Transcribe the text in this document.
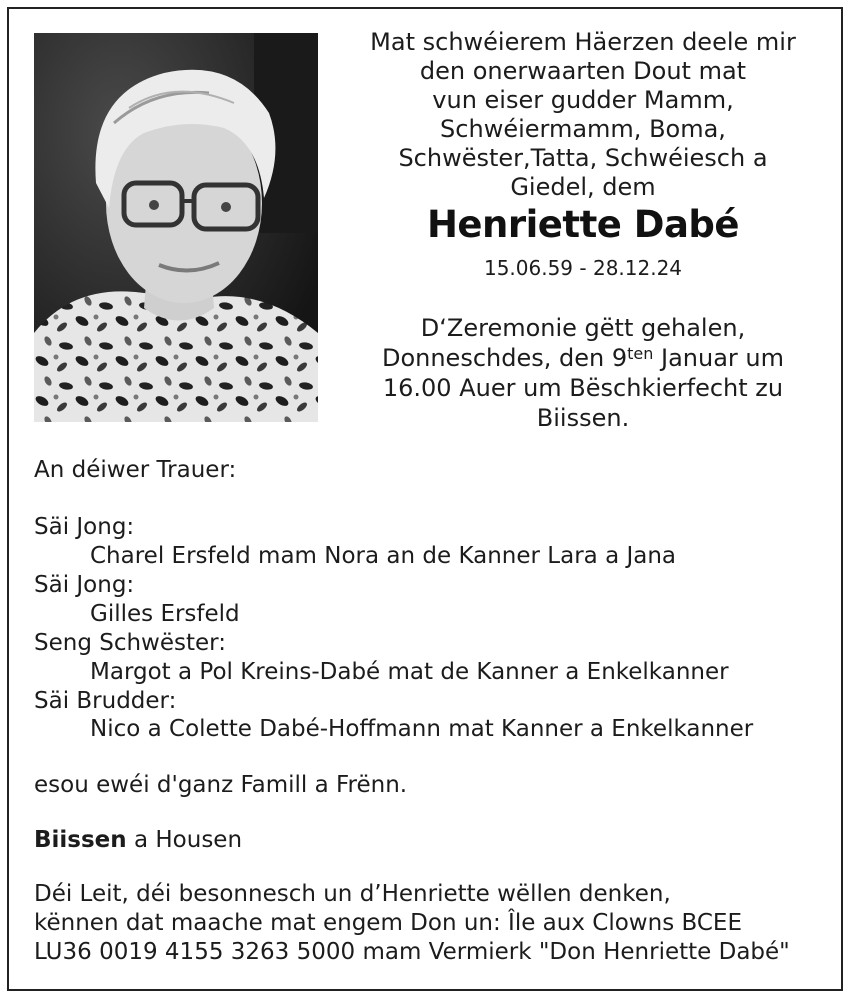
Mat schwéierem Häerzen deele mir
den onerwaarten Dout mat
vun eiser gudder Mamm,
Schwéiermamm, Boma,
Schwëster,Tatta, Schwéiesch a
Giedel, dem
Henriette Dabé
15.06.59 - 28.12.24
D‘Zeremonie gëtt gehalen,
Donneschdes, den $9^{ten}$ Januar um
16.00 Auer um Bëschkierfecht zu
Biissen.
An déiwer Trauer:
Säi Jong:
Charel Ersfeld mam Nora an de Kanner Lara a Jana
Säi Jong:
Gilles Ersfeld
Seng Schwëster:
Margot a Pol Kreins-Dabé mat de Kanner a Enkelkanner
Säi Brudder:
Nico a Colette Dabé-Hoffmann mat Kanner a Enkelkanner
esou ewéi d'ganz Famill a Frënn.
Biissen a Housen
Déi Leit, déi besonnesch un d’Henriette wëllen denken,
kënnen dat maache mat engem Don un: Île aux Clowns BCEE
LU36 0019 4155 3263 5000 mam Vermierk "Don Henriette Dabé"
